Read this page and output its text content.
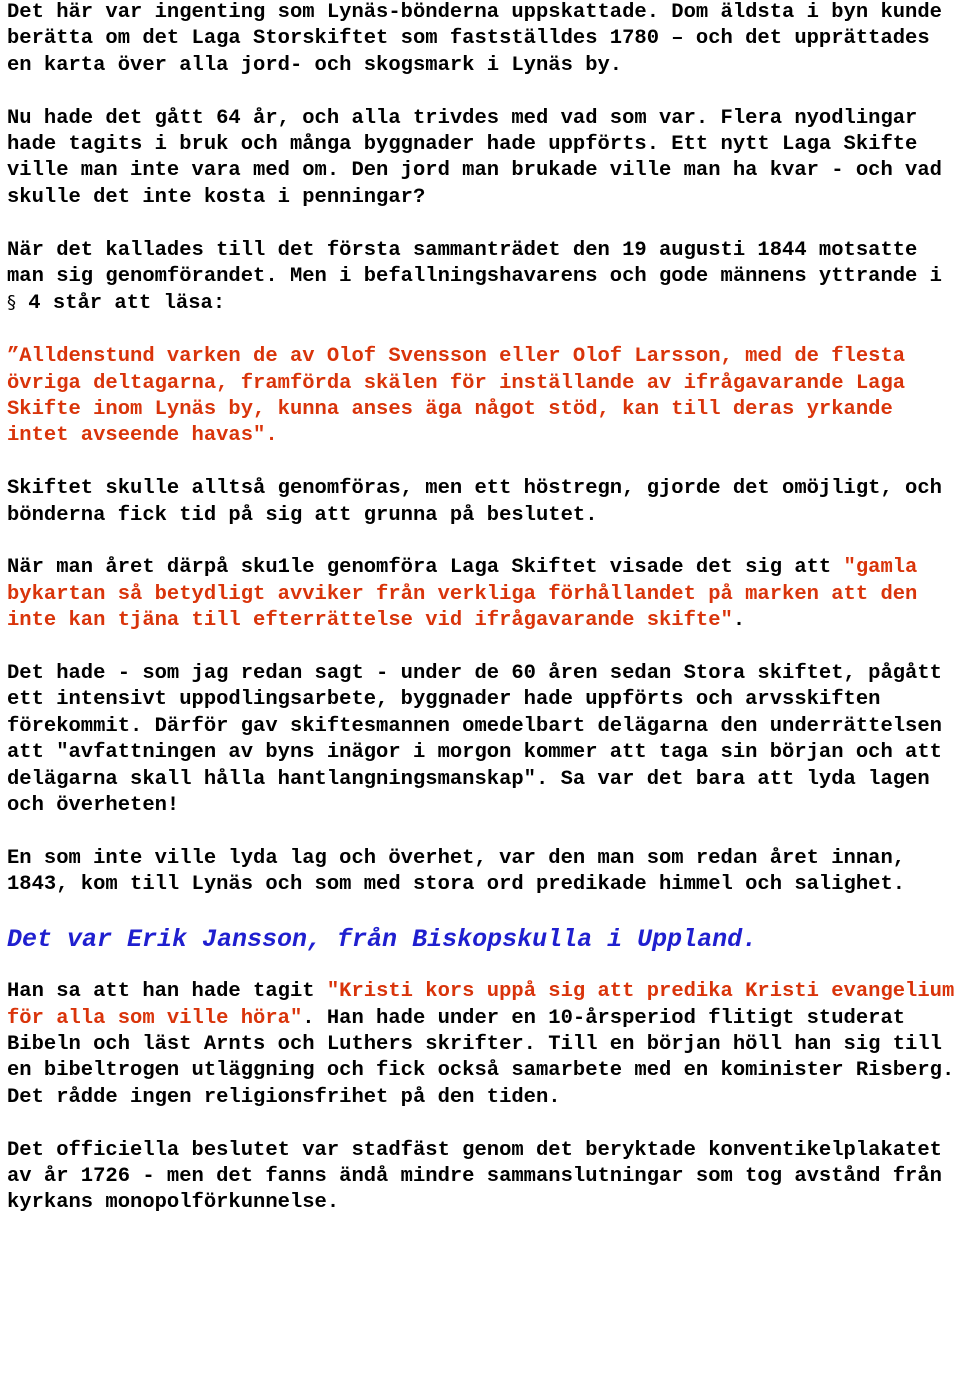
Det här var ingenting som Lynäs-bönderna uppskattade. Dom äldsta i byn kunde berätta om det Laga Storskiftet som fastställdes 1780 – och det upprättades en karta över alla jord- och skogsmark i Lynäs by.

Nu hade det gått 64 år, och alla trivdes med vad som var. Flera nyodlingar hade tagits i bruk och många byggnader hade uppförts. Ett nytt Laga Skifte ville man inte vara med om. Den jord man brukade ville man ha kvar - och vad skulle det inte kosta i penningar?

När det kallades till det första sammanträdet den 19 augusti 1844 motsatte man sig genomförandet. Men i befallningshavarens och gode männens yttrande i § 4 står att läsa:

”Alldenstund varken de av Olof Svensson eller Olof Larsson, med de flesta övriga deltagarna, framförda skälen för inställande av ifrågavarande Laga Skifte inom Lynäs by, kunna anses äga något stöd, kan till deras yrkande intet avseende havas".

Skiftet skulle alltså genomföras, men ett höstregn, gjorde det omöjligt, och bönderna fick tid på sig att grunna på beslutet.

När man året därpå sku1le genomföra Laga Skiftet visade det sig att "gamla bykartan så betydligt avviker från verkliga förhållandet på marken att den inte kan tjäna till efterrättelse vid ifrågavarande skifte".

Det hade - som jag redan sagt - under de 60 åren sedan Stora skiftet, pågått ett intensivt uppodlingsarbete, byggnader hade uppförts och arvsskiften förekommit. Därför gav skiftesmannen omedelbart delägarna den underrättelsen att "avfattningen av byns inägor i morgon kommer att taga sin början och att delägarna skall hålla hantlangningsmanskap". Sa var det bara att lyda lagen och överheten!

En som inte ville lyda lag och överhet, var den man som redan året innan, 1843, kom till Lynäs och som med stora ord predikade himmel och salighet.

Det var Erik Jansson, från Biskopskulla i Uppland.

Han sa att han hade tagit "Kristi kors uppå sig att predika Kristi evangelium för alla som ville höra". Han hade under en 10-årsperiod flitigt studerat Bibeln och läst Arnts och Luthers skrifter. Till en början höll han sig till en bibeltrogen utläggning och fick också samarbete med en kominister Risberg. Det rådde ingen religionsfrihet på den tiden.

Det officiella beslutet var stadfäst genom det beryktade konventikelplakatet av år 1726 - men det fanns ändå mindre sammanslutningar som tog avstånd från kyrkans monopolförkunnelse.
